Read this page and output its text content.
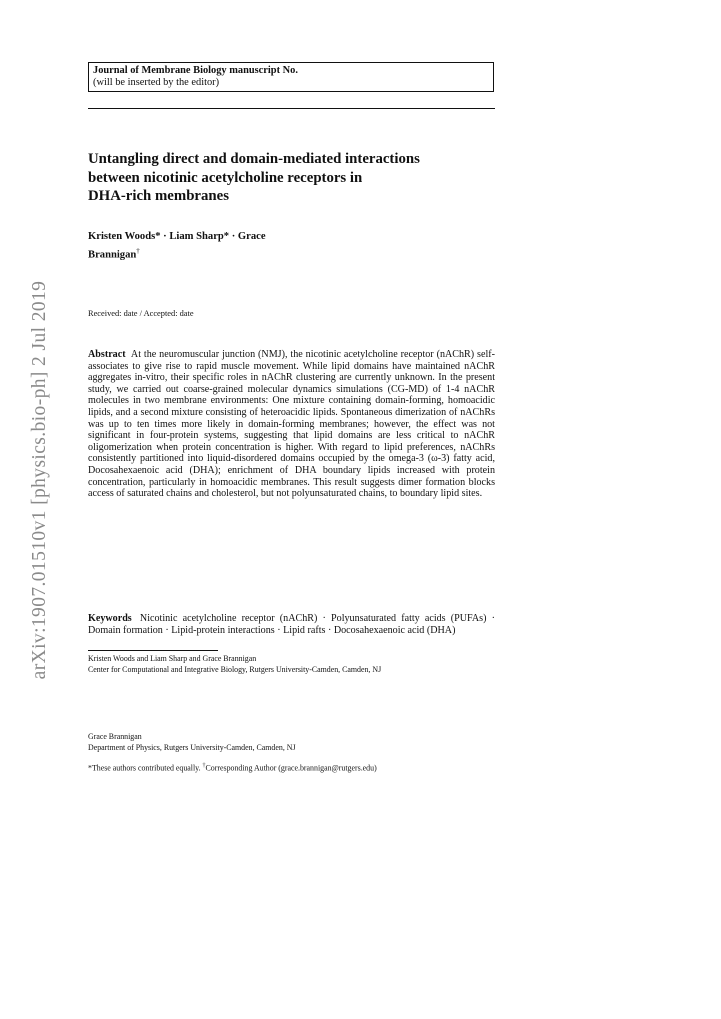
arXiv:1907.01510v1 [physics.bio-ph] 2 Jul 2019
Journal of Membrane Biology manuscript No.
(will be inserted by the editor)
Untangling direct and domain-mediated interactions
between nicotinic acetylcholine receptors in
DHA-rich membranes
Kristen Woods* · Liam Sharp* · Grace
Brannigan†
Received: date / Accepted: date
Abstract At the neuromuscular junction (NMJ), the nicotinic acetylcholine receptor (nAChR) self-associates to give rise to rapid muscle movement. While lipid domains have maintained nAChR aggregates in-vitro, their specific roles in nAChR clustering are currently unknown. In the present study, we carried out coarse-grained molecular dynamics simulations (CG-MD) of 1-4 nAChR molecules in two membrane environments: One mixture containing domain-forming, homoacidic lipids, and a second mixture consisting of heteroacidic lipids. Spontaneous dimerization of nAChRs was up to ten times more likely in domain-forming membranes; however, the effect was not significant in four-protein systems, suggesting that lipid domains are less critical to nAChR oligomerization when protein concentration is higher. With regard to lipid preferences, nAChRs consistently partitioned into liquid-disordered domains occupied by the omega-3 (ω-3) fatty acid, Docosahexaenoic acid (DHA); enrichment of DHA boundary lipids increased with protein concentration, particularly in homoacidic membranes. This result suggests dimer formation blocks access of saturated chains and cholesterol, but not polyunsaturated chains, to boundary lipid sites.
Keywords Nicotinic acetylcholine receptor (nAChR) · Polyunsaturated fatty acids (PUFAs) · Domain formation · Lipid-protein interactions · Lipid rafts · Docosahexaenoic acid (DHA)
Kristen Woods and Liam Sharp and Grace Brannigan
Center for Computational and Integrative Biology, Rutgers University-Camden, Camden, NJ
Grace Brannigan
Department of Physics, Rutgers University-Camden, Camden, NJ
*These authors contributed equally. †Corresponding Author (grace.brannigan@rutgers.edu)
